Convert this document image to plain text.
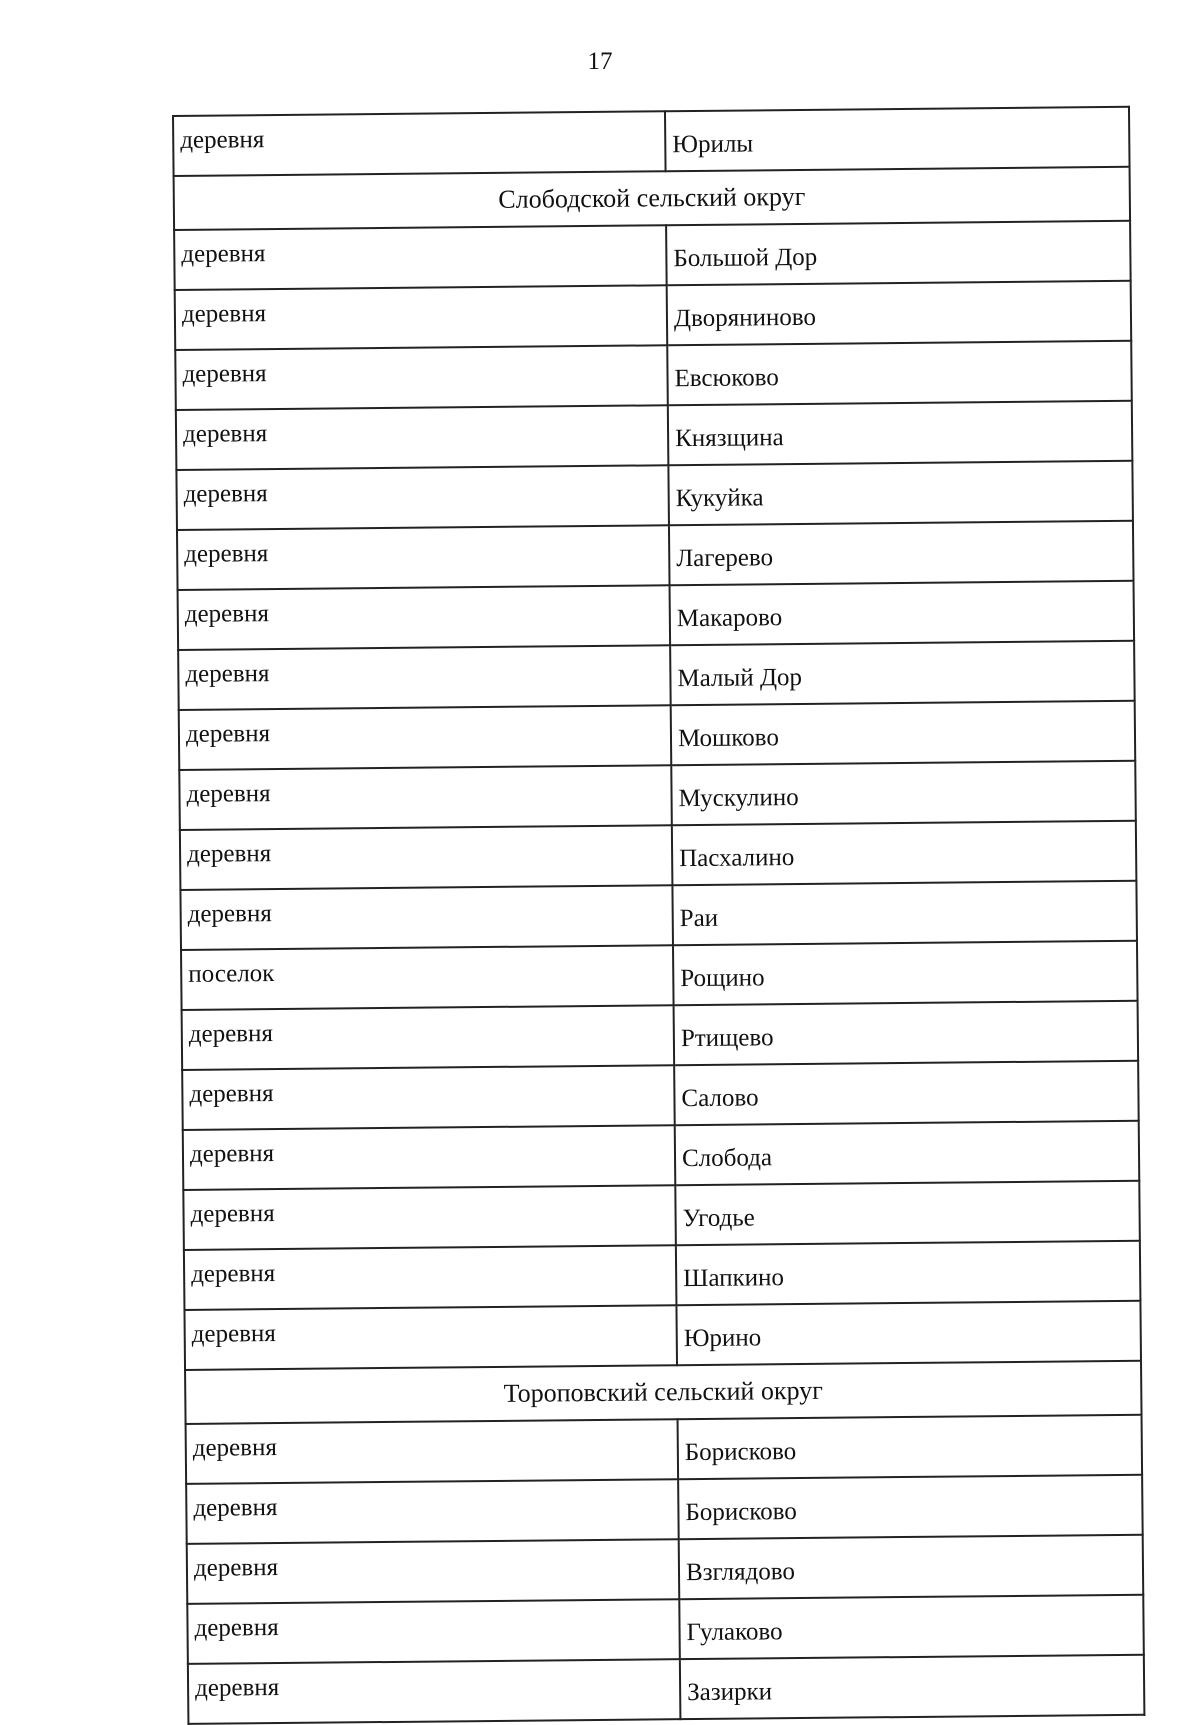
17
деревня	Юрилы
Слободской сельский округ	
деревня	Большой Дор
деревня	Дворяниново
деревня	Евсюково
деревня	Князщина
деревня	Кукуйка
деревня	Лагерево
деревня	Макарово
деревня	Малый Дор
деревня	Мошково
деревня	Мускулино
деревня	Пасхалино
деревня	Раи
поселок	Рощино
деревня	Ртищево
деревня	Салово
деревня	Слобода
деревня	Угодье
деревня	Шапкино
деревня	Юрино
Тороповский сельский округ	
деревня	Борисково
деревня	Борисково
деревня	Взглядово
деревня	Гулаково
деревня	Зазирки
